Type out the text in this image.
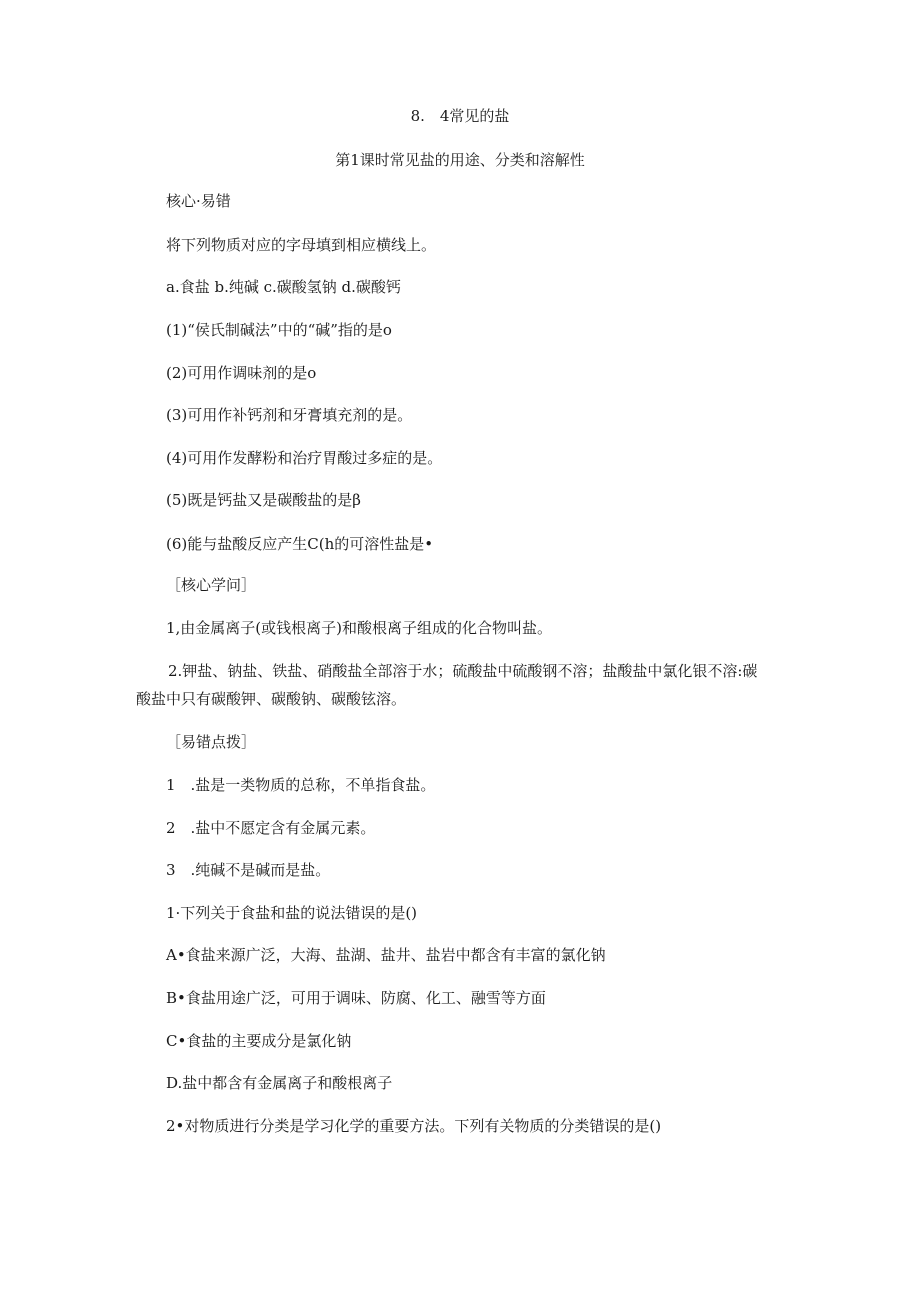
8.　4常见的盐
第1课时常见盐的用途、分类和溶解性
核心·易错
将下列物质对应的字母填到相应横线上。
a.食盐 b.纯碱 c.碳酸氢钠 d.碳酸钙
(1)“侯氏制碱法”中的“碱”指的是o
(2)可用作调味剂的是o
(3)可用作补钙剂和牙膏填充剂的是。
(4)可用作发酵粉和治疗胃酸过多症的是。
(5)既是钙盐又是碳酸盐的是β
(6)能与盐酸反应产生C(h的可溶性盐是•
［核心学问］
1,由金属离子(或钱根离子)和酸根离子组成的化合物叫盐。
2.钾盐、钠盐、铁盐、硝酸盐全部溶于水；硫酸盐中硫酸钢不溶；盐酸盐中氯化银不溶:碳
酸盐中只有碳酸钾、碳酸钠、碳酸铉溶。
［易错点拨］
1　.盐是一类物质的总称，不单指食盐。
2　.盐中不愿定含有金属元素。
3　.纯碱不是碱而是盐。
1·下列关于食盐和盐的说法错误的是()
A•食盐来源广泛，大海、盐湖、盐井、盐岩中都含有丰富的氯化钠
B•食盐用途广泛，可用于调味、防腐、化工、融雪等方面
C•食盐的主要成分是氯化钠
D.盐中都含有金属离子和酸根离子
2•对物质进行分类是学习化学的重要方法。下列有关物质的分类错误的是()
